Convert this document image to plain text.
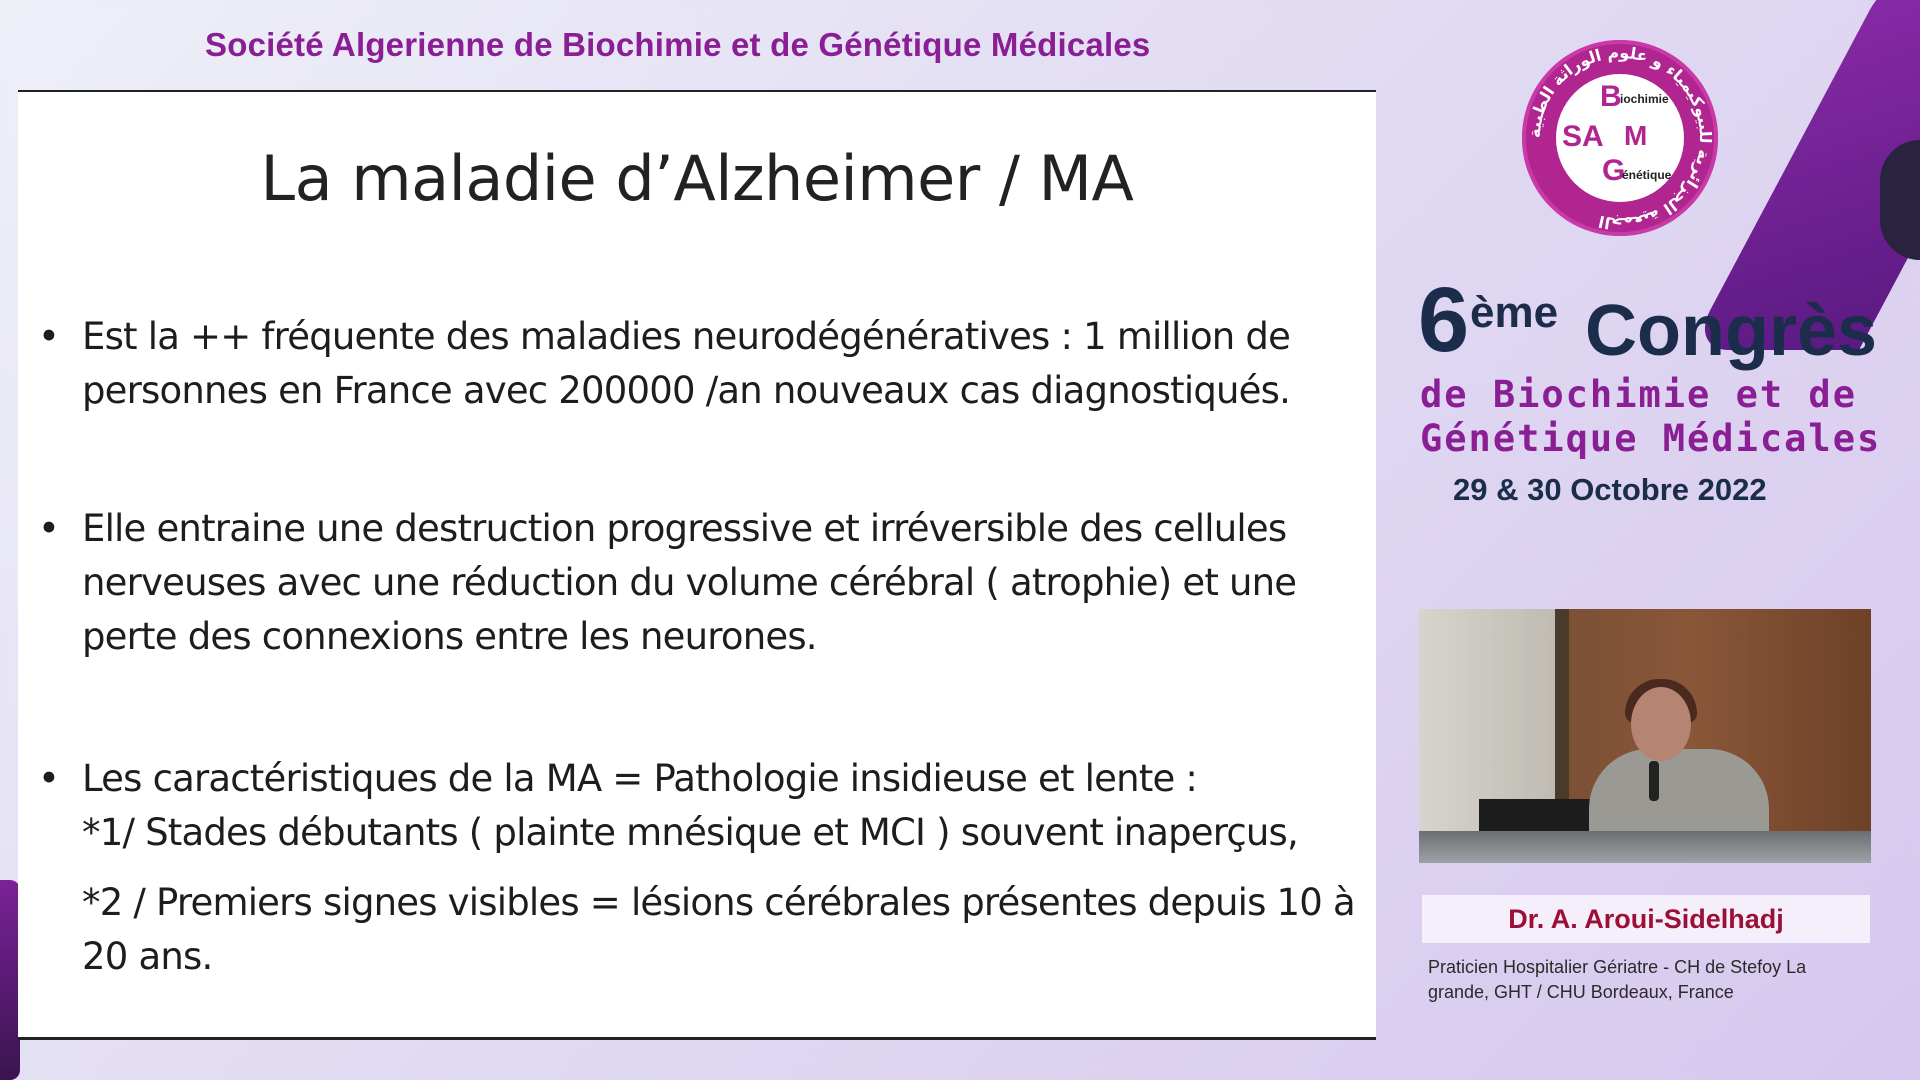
Société Algerienne de Biochimie et de Génétique Médicales
La maladie d’Alzheimer / MA
• Est la ++ fréquente des maladies neurodégénératives : 1 million de personnes en France avec 200000 /an nouveaux cas diagnostiqués.
• Elle entraine une destruction progressive et irréversible des cellules nerveuses avec une réduction du volume cérébral ( atrophie) et une perte des connexions entre les neurones.
• Les caractéristiques de la MA = Pathologie insidieuse et lente :
*1/ Stades débutants ( plainte mnésique et MCI ) souvent inaperçus,
*2 / Premiers signes visibles = lésions cérébrales présentes depuis 10 à 20 ans.
الجمعية الجزائرية للبيوكيمياء و علوم الوراثة الطبية
B
iochimie
SA M
G
énétique
6 ème Congrès
de Biochimie et de
Génétique Médicales
29 & 30 Octobre 2022
Dr. A. Aroui-Sidelhadj
Praticien Hospitalier Gériatre - CH de Stefoy La grande, GHT / CHU Bordeaux, France
